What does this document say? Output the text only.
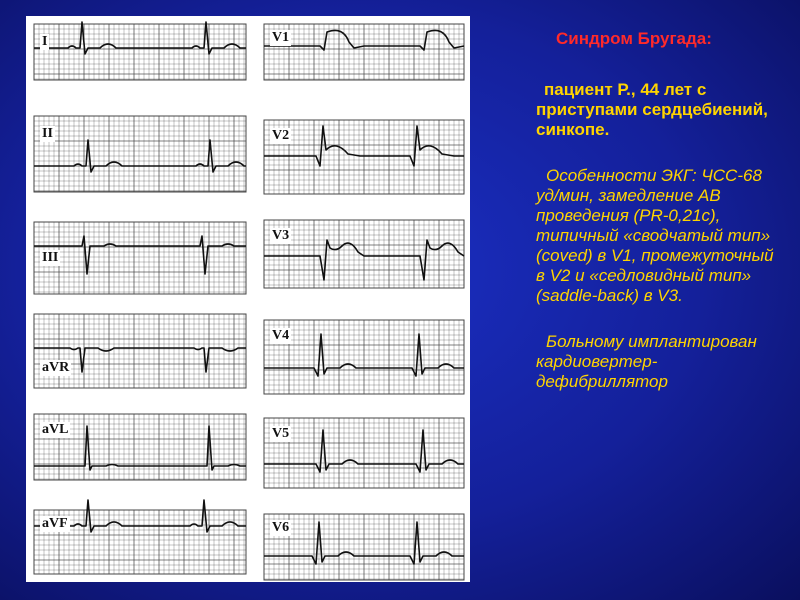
I
II
III
aVR
aVL
aVF
V1
V2
V3
V4
V5
V6
Синдром Бругада:
пациент Р., 44 лет с приступами сердцебиений, синкопе.
Особенности ЭКГ: ЧСС-68 уд/мин, замедление АВ проведения (PR-0,21c), типичный «сводчатый тип» (coved) в V1, промежуточный в V2 и «седловидный тип» (saddle-back) в V3.
Больному имплантирован кардиовертер-дефибриллятор
